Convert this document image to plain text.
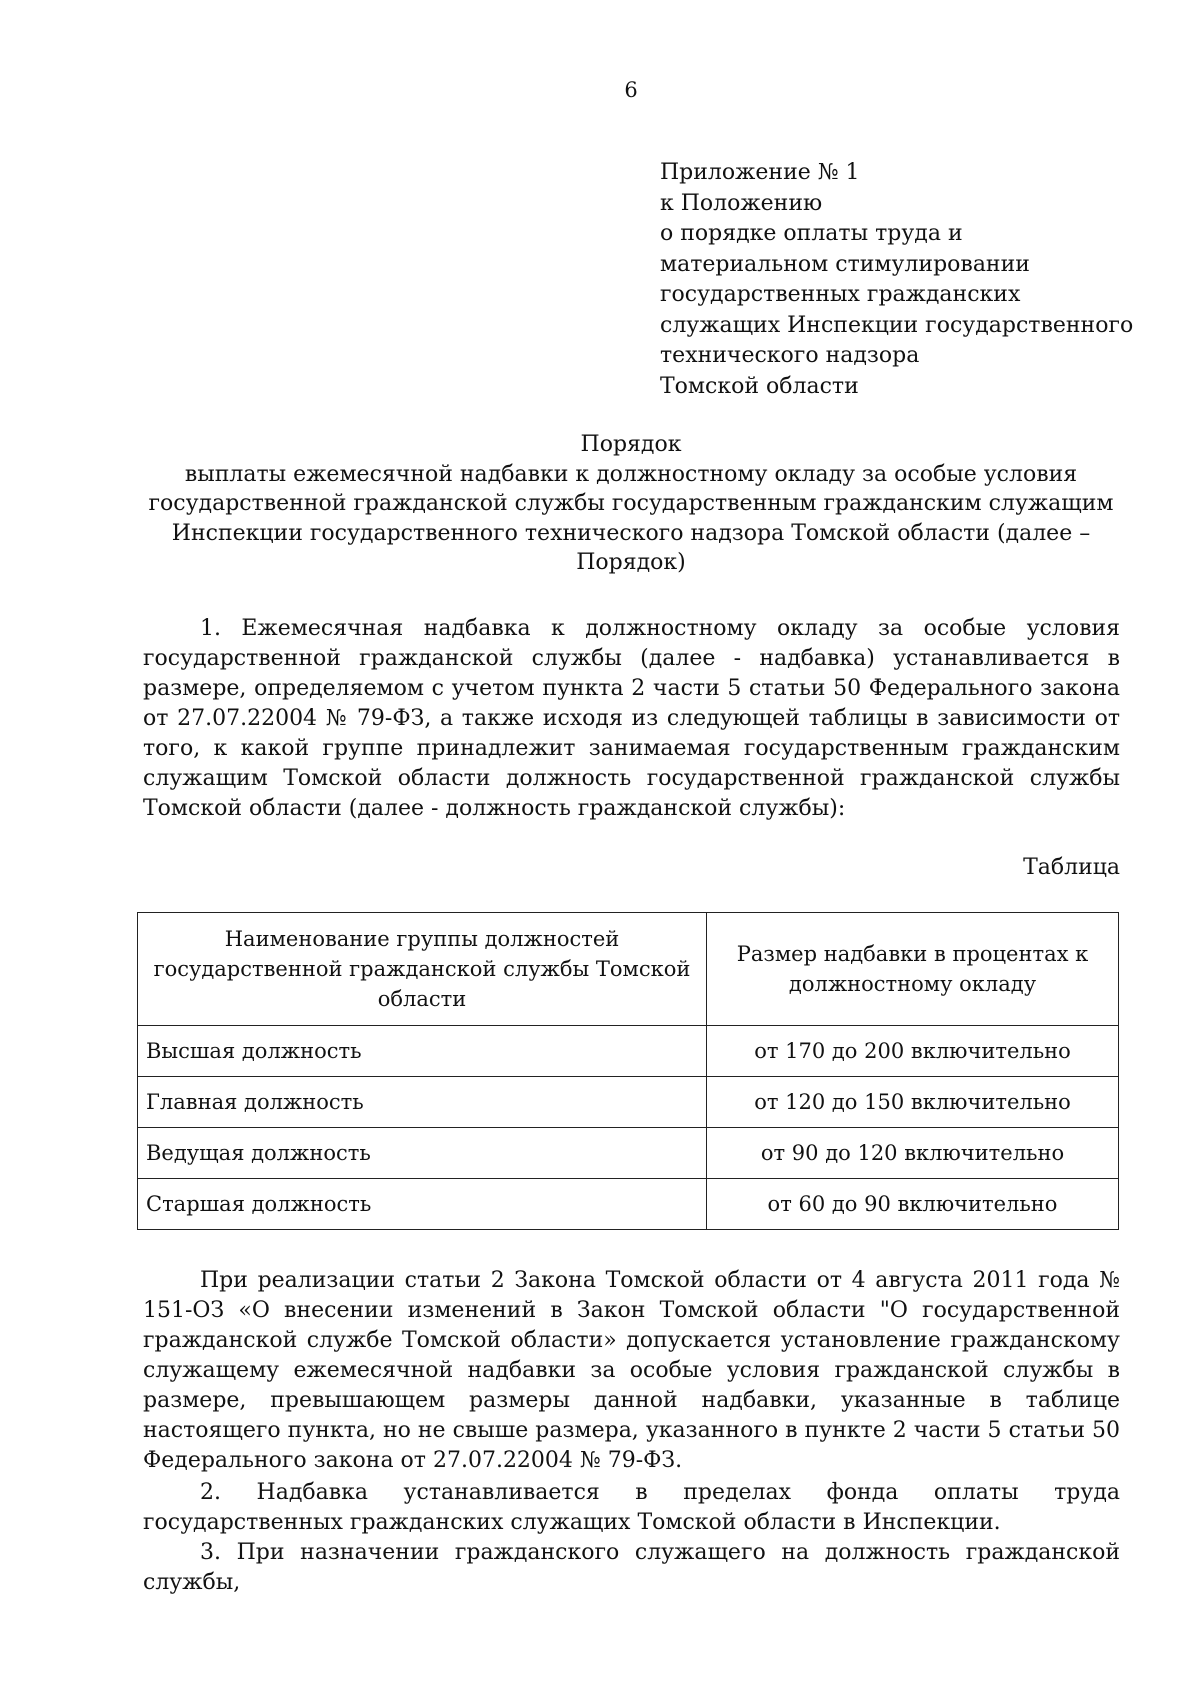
6
Приложение № 1
к Положению
о порядке оплаты труда и
материальном стимулировании
государственных гражданских
служащих Инспекции государственного
технического надзора
Томской области
Порядок
выплаты ежемесячной надбавки к должностному окладу за особые условия
государственной гражданской службы государственным гражданским служащим
Инспекции государственного технического надзора Томской области (далее –
Порядок)

1. Ежемесячная надбавка к должностному окладу за особые условия государственной гражданской службы (далее - надбавка) устанавливается в размере, определяемом с учетом пункта 2 части 5 статьи 50 Федерального закона от 27.07.22004 № 79-ФЗ, а также исходя из следующей таблицы в зависимости от того, к какой группе принадлежит занимаемая государственным гражданским служащим Томской области должность государственной гражданской службы Томской области (далее - должность гражданской службы):

Таблица
Наименование группы должностей государственной гражданской службы Томской области	Размер надбавки в процентах к должностному окладу
Высшая должность	от 170 до 200 включительно
Главная должность	от 120 до 150 включительно
Ведущая должность	от 90 до 120 включительно
Старшая должность	от 60 до 90 включительно

При реализации статьи 2 Закона Томской области от 4 августа 2011 года № 151-ОЗ «О внесении изменений в Закон Томской области "О государственной гражданской службе Томской области» допускается установление гражданскому служащему ежемесячной надбавки за особые условия гражданской службы в размере, превышающем размеры данной надбавки, указанные в таблице настоящего пункта, но не свыше размера, указанного в пункте 2 части 5 статьи 50 Федерального закона от 27.07.22004 № 79-ФЗ.

2. Надбавка устанавливается в пределах фонда оплаты труда государственных гражданских служащих Томской области в Инспекции.

3. При назначении гражданского служащего на должность гражданской службы,
